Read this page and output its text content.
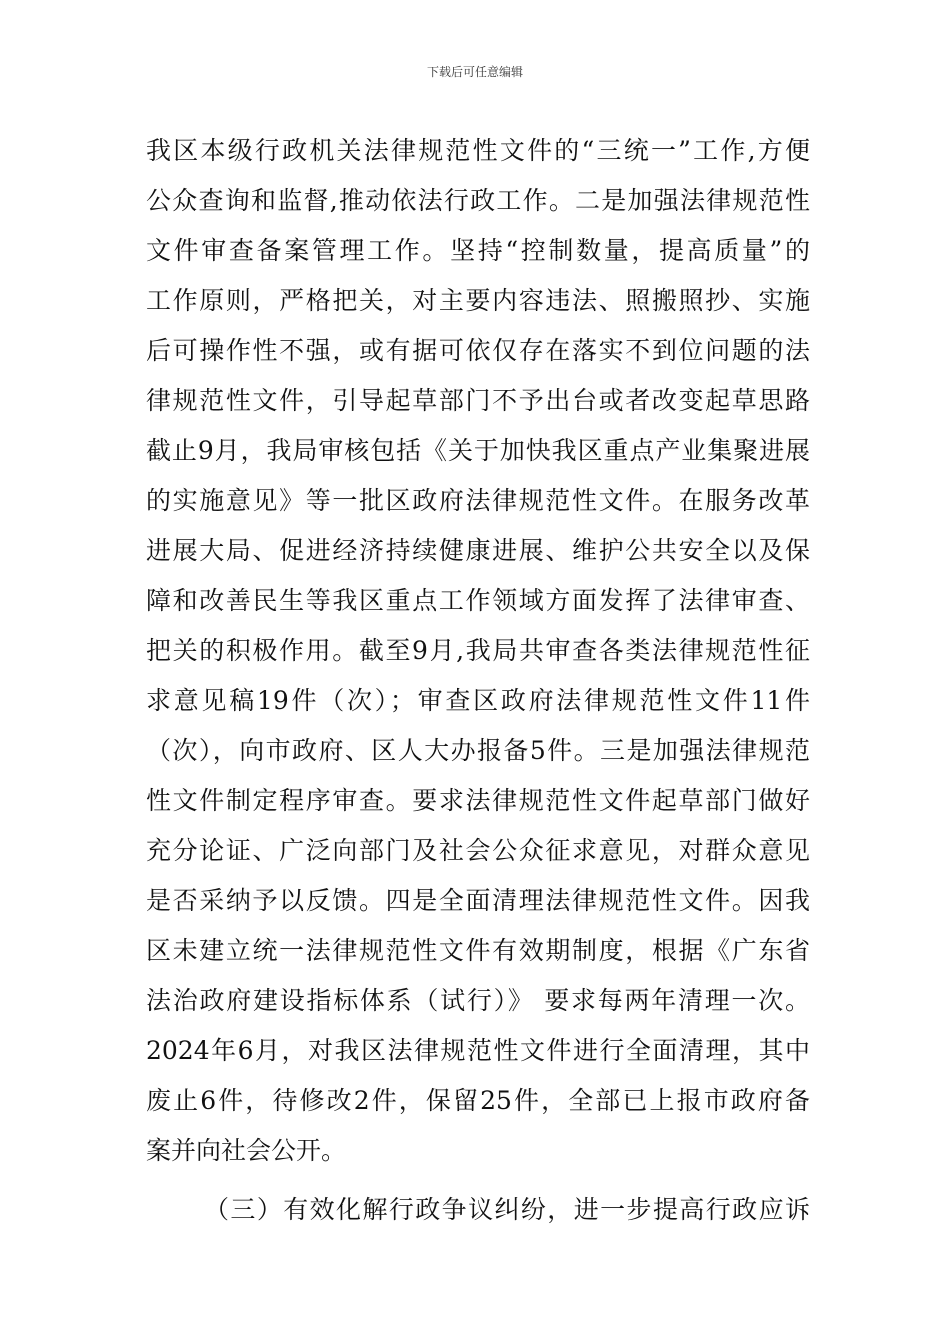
下载后可任意编辑
我区本级行政机关法律规范性文件的“三统一”工作,方便
公众查询和监督,推动依法行政工作。二是加强法律规范性
文件审查备案管理工作。坚持“控制数量，提高质量”的
工作原则，严格把关，对主要内容违法、照搬照抄、实施
后可操作性不强，或有据可依仅存在落实不到位问题的法
律规范性文件，引导起草部门不予出台或者改变起草思路
截止9月，我局审核包括《关于加快我区重点产业集聚进展
的实施意见》等一批区政府法律规范性文件。在服务改革
进展大局、促进经济持续健康进展、维护公共安全以及保
障和改善民生等我区重点工作领域方面发挥了法律审查、
把关的积极作用。截至9月,我局共审查各类法律规范性征
求意见稿19件（次）；审查区政府法律规范性文件11件
（次），向市政府、区人大办报备5件。三是加强法律规范
性文件制定程序审查。要求法律规范性文件起草部门做好
充分论证、广泛向部门及社会公众征求意见，对群众意见
是否采纳予以反馈。四是全面清理法律规范性文件。因我
区未建立统一法律规范性文件有效期制度，根据《广东省
法治政府建设指标体系（试行）》 要求每两年清理一次。
2024年6月，对我区法律规范性文件进行全面清理，其中
废止6件，待修改2件，保留25件，全部已上报市政府备
案并向社会公开。
（三）有效化解行政争议纠纷，进一步提高行政应诉
